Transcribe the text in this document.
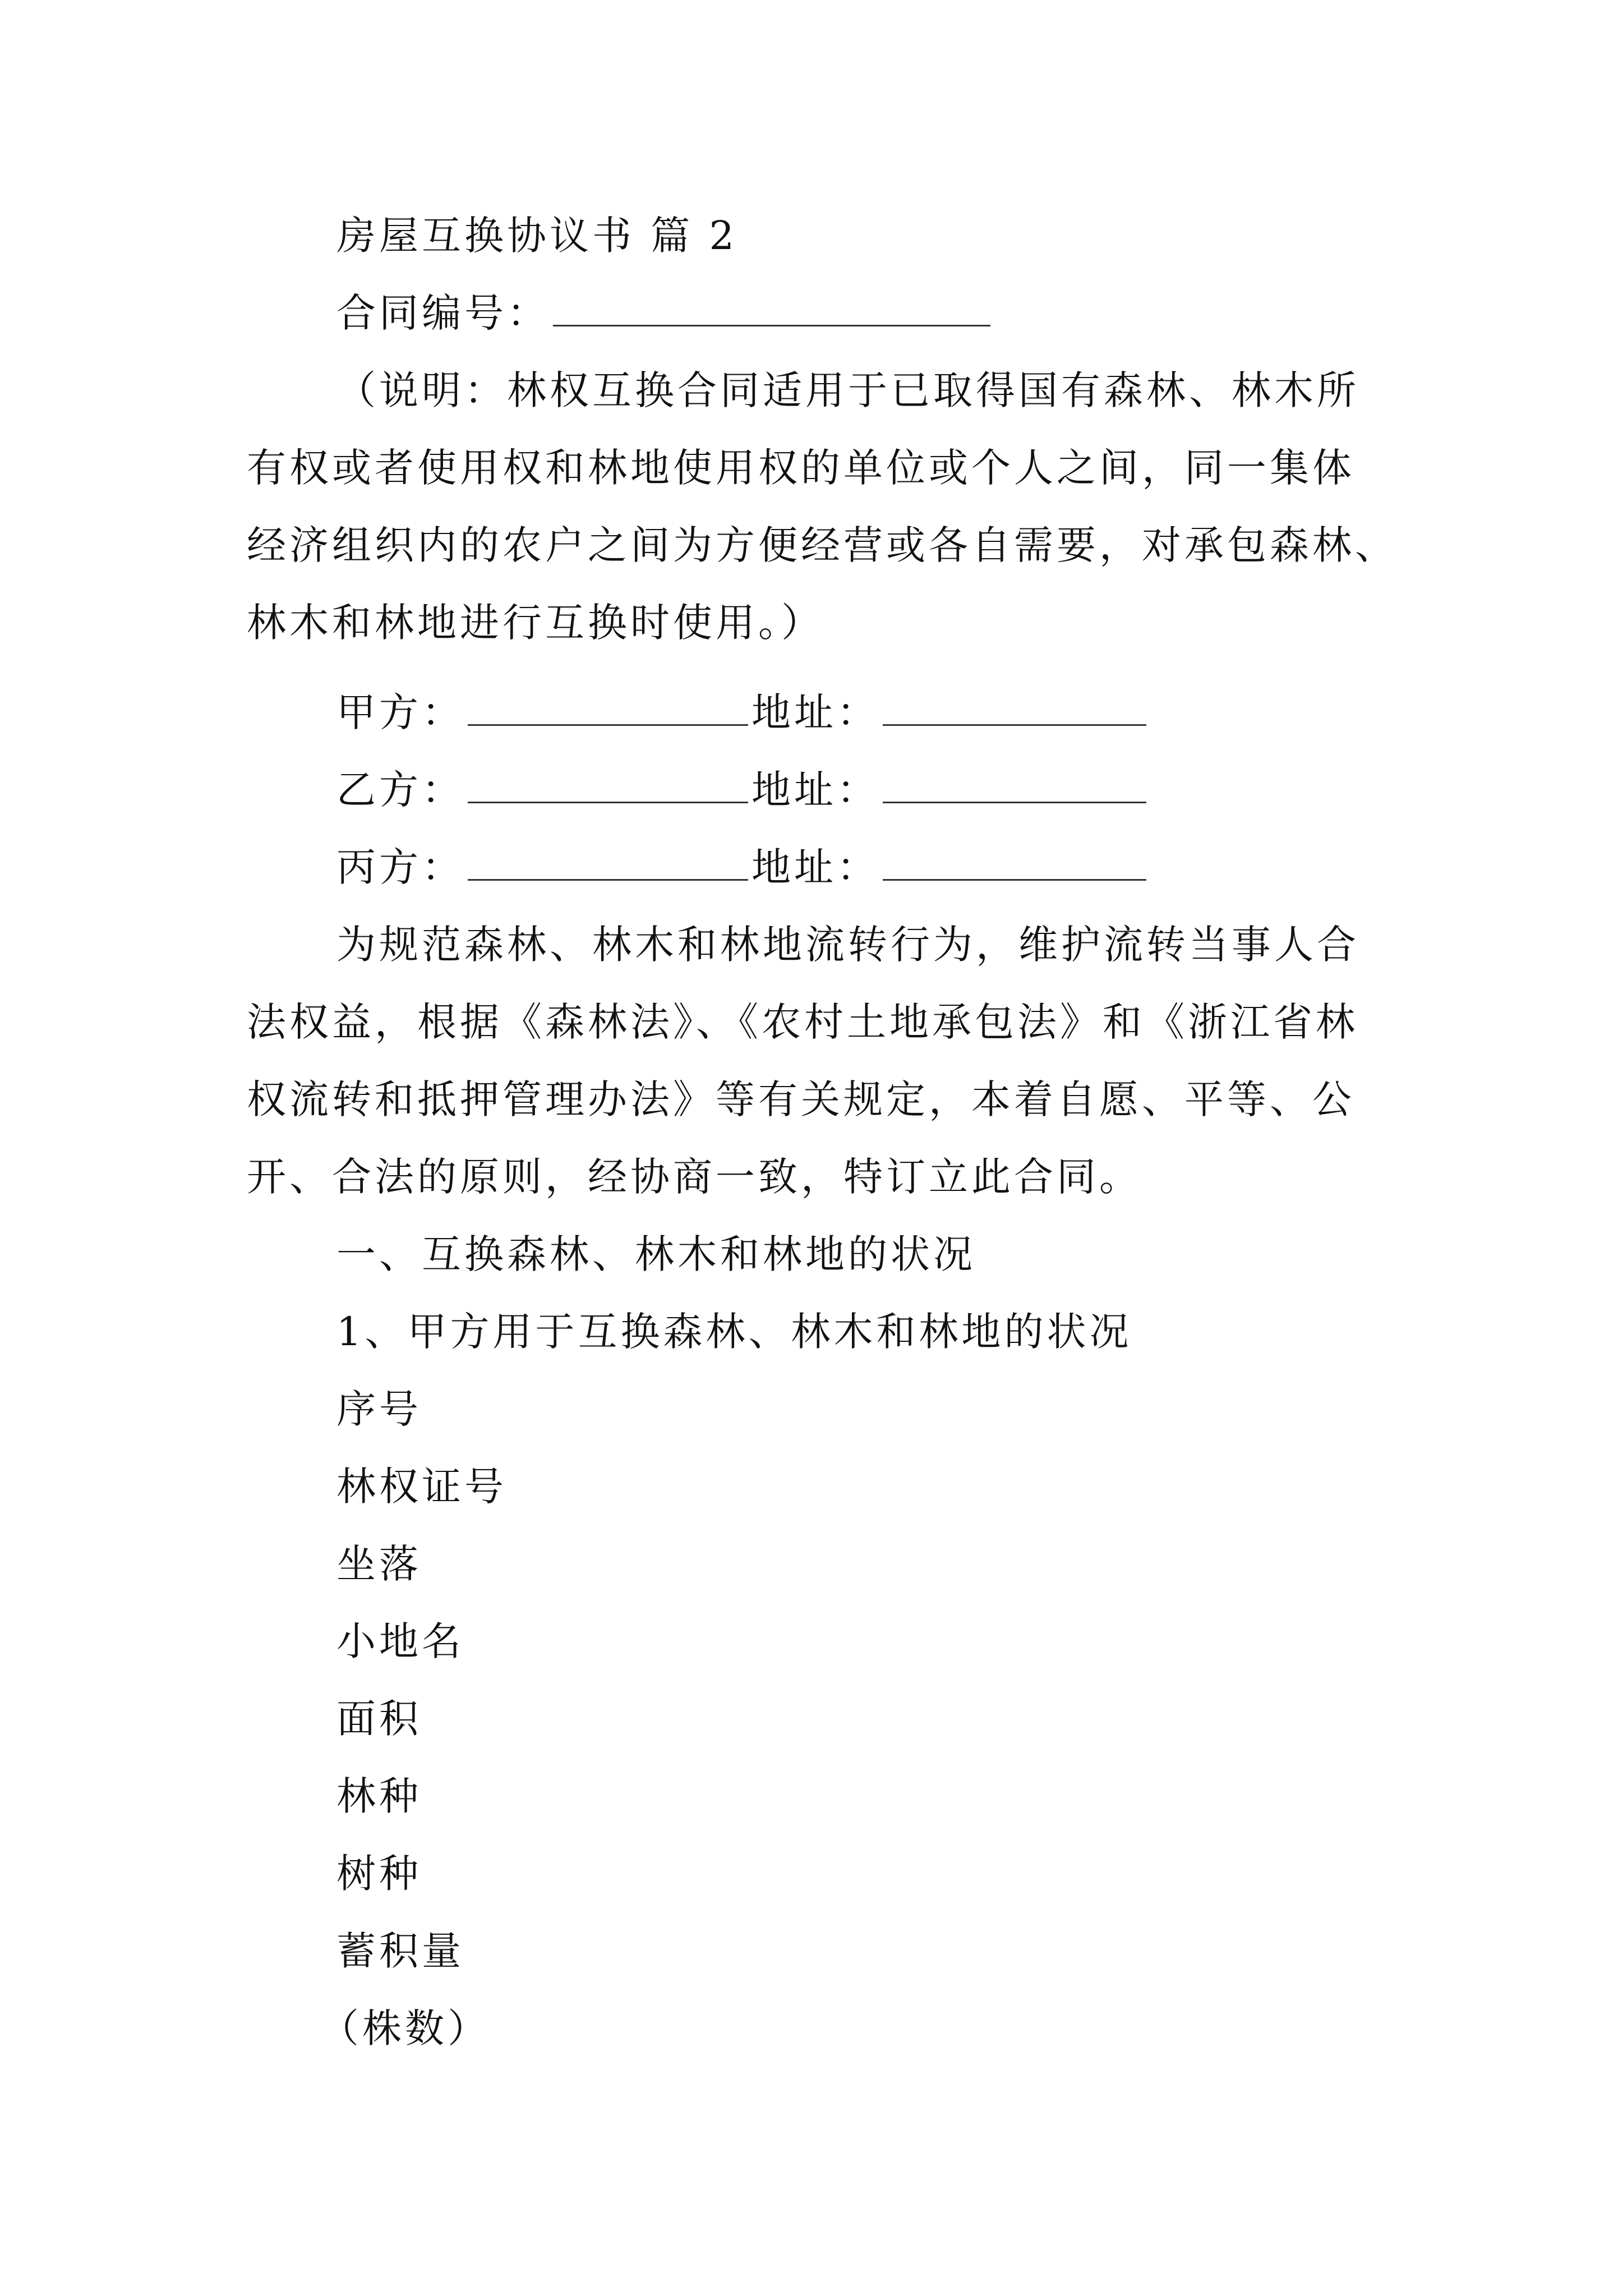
房屋互换协议书 篇 2
合同编号：
（说明：林权互换合同适用于已取得国有森林、林木所
有权或者使用权和林地使用权的单位或个人之间，同一集体
经济组织内的农户之间为方便经营或各自需要，对承包森林、
林木和林地进行互换时使用。）
甲方：	地址：
乙方：	地址：
丙方：	地址：
为规范森林、林木和林地流转行为，维护流转当事人合
法权益，根据《森林法》、《农村土地承包法》和《浙江省林
权流转和抵押管理办法》等有关规定，本着自愿、平等、公
开、合法的原则，经协商一致，特订立此合同。
一、互换森林、林木和林地的状况
1、甲方用于互换森林、林木和林地的状况
序号
林权证号
坐落
小地名
面积
林种
树种
蓄积量
（株数）
